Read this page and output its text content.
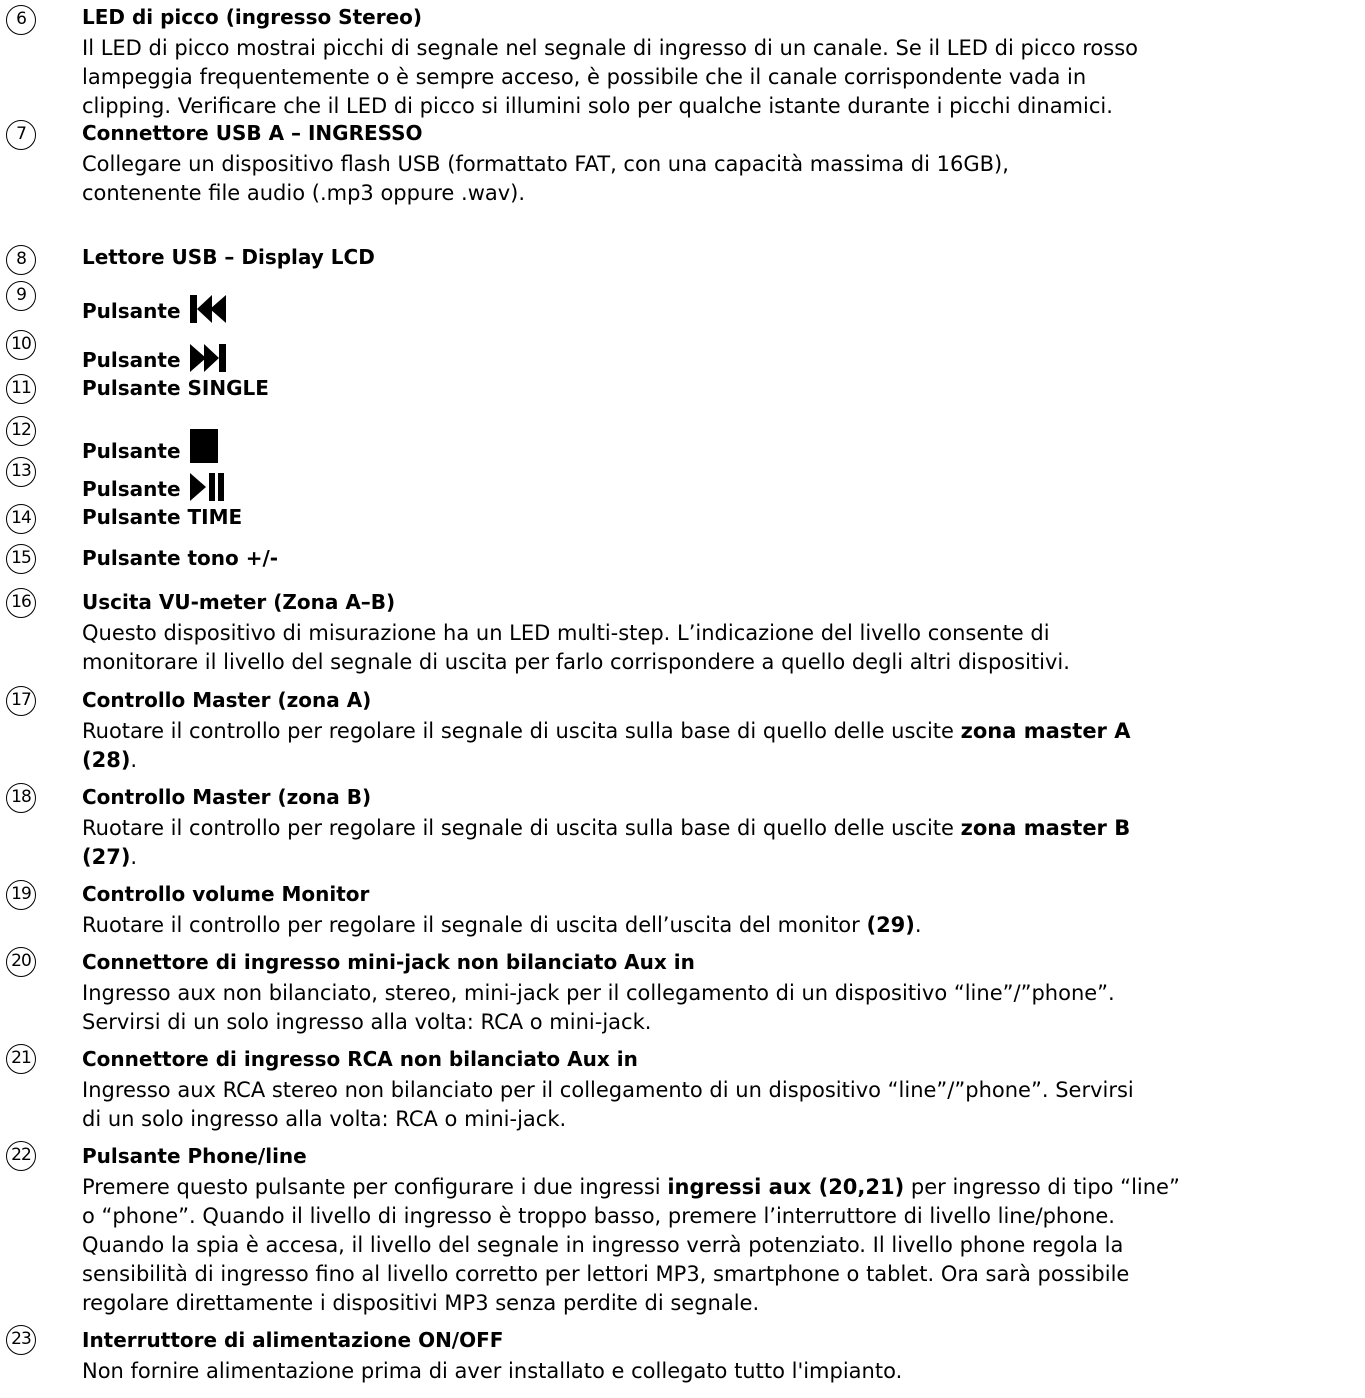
6	LED di picco (ingresso Stereo)
Il LED di picco mostrai picchi di segnale nel segnale di ingresso di un canale. Se il LED di picco rosso
lampeggia frequentemente o è sempre acceso, è possibile che il canale corrispondente vada in
clipping. Verificare che il LED di picco si illumini solo per qualche istante durante i picchi dinamici.
7	Connettore USB A – INGRESSO
Collegare un dispositivo flash USB (formattato FAT, con una capacità massima di 16GB),
contenente file audio (.mp3 oppure .wav).
8	Lettore USB – Display LCD
9
Pulsante
10
Pulsante
11	Pulsante SINGLE
12
Pulsante
13
Pulsante
14	Pulsante TIME
15	Pulsante tono +/-
16	Uscita VU-meter (Zona A–B)
Questo dispositivo di misurazione ha un LED multi-step. L’indicazione del livello consente di
monitorare il livello del segnale di uscita per farlo corrispondere a quello degli altri dispositivi.
17	Controllo Master (zona A)
Ruotare il controllo per regolare il segnale di uscita sulla base di quello delle uscite zona master A
(28).
18	Controllo Master (zona B)
Ruotare il controllo per regolare il segnale di uscita sulla base di quello delle uscite zona master B
(27).
19	Controllo volume Monitor
Ruotare il controllo per regolare il segnale di uscita dell’uscita del monitor (29).
20	Connettore di ingresso mini-jack non bilanciato Aux in
Ingresso aux non bilanciato, stereo, mini-jack per il collegamento di un dispositivo “line”/”phone”.
Servirsi di un solo ingresso alla volta: RCA o mini-jack.
21	Connettore di ingresso RCA non bilanciato Aux in
Ingresso aux RCA stereo non bilanciato per il collegamento di un dispositivo “line”/”phone”. Servirsi
di un solo ingresso alla volta: RCA o mini-jack.
22	Pulsante Phone/line
Premere questo pulsante per configurare i due ingressi ingressi aux (20,21) per ingresso di tipo “line”
o “phone”. Quando il livello di ingresso è troppo basso, premere l’interruttore di livello line/phone.
Quando la spia è accesa, il livello del segnale in ingresso verrà potenziato. Il livello phone regola la
sensibilità di ingresso fino al livello corretto per lettori MP3, smartphone o tablet. Ora sarà possibile
regolare direttamente i dispositivi MP3 senza perdite di segnale.
23	Interruttore di alimentazione ON/OFF
Non fornire alimentazione prima di aver installato e collegato tutto l'impianto.
